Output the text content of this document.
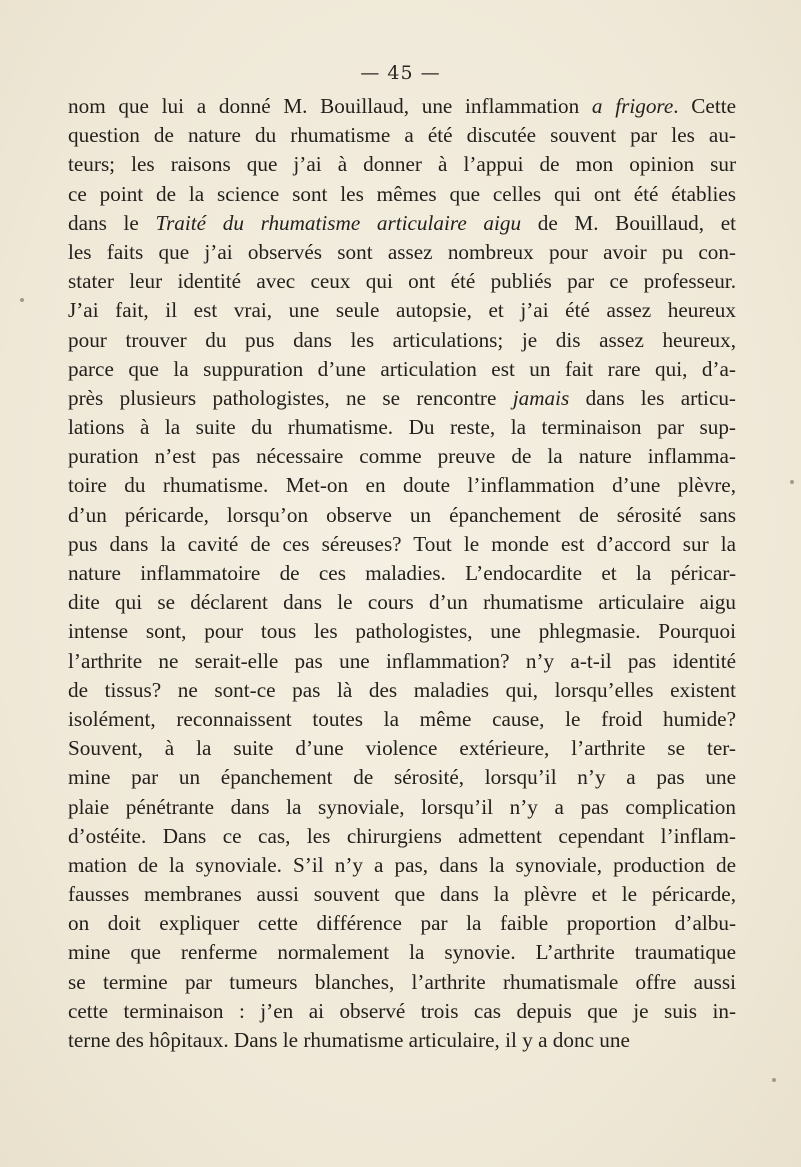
— 45 —
nom que lui a donné M. Bouillaud, une inflammation a frigore. Cette
question de nature du rhumatisme a été discutée souvent par les au-
teurs; les raisons que j’ai à donner à l’appui de mon opinion sur
ce point de la science sont les mêmes que celles qui ont été établies
dans le Traité du rhumatisme articulaire aigu de M. Bouillaud, et
les faits que j’ai observés sont assez nombreux pour avoir pu con-
stater leur identité avec ceux qui ont été publiés par ce professeur.
J’ai fait, il est vrai, une seule autopsie, et j’ai été assez heureux
pour trouver du pus dans les articulations; je dis assez heureux,
parce que la suppuration d’une articulation est un fait rare qui, d’a-
près plusieurs pathologistes, ne se rencontre jamais dans les articu-
lations à la suite du rhumatisme. Du reste, la terminaison par sup-
puration n’est pas nécessaire comme preuve de la nature inflamma-
toire du rhumatisme. Met-on en doute l’inflammation d’une plèvre,
d’un péricarde, lorsqu’on observe un épanchement de sérosité sans
pus dans la cavité de ces séreuses? Tout le monde est d’accord sur la
nature inflammatoire de ces maladies. L’endocardite et la péricar-
dite qui se déclarent dans le cours d’un rhumatisme articulaire aigu
intense sont, pour tous les pathologistes, une phlegmasie. Pourquoi
l’arthrite ne serait-elle pas une inflammation? n’y a-t-il pas identité
de tissus? ne sont-ce pas là des maladies qui, lorsqu’elles existent
isolément, reconnaissent toutes la même cause, le froid humide?
Souvent, à la suite d’une violence extérieure, l’arthrite se ter-
mine par un épanchement de sérosité, lorsqu’il n’y a pas une
plaie pénétrante dans la synoviale, lorsqu’il n’y a pas complication
d’ostéite. Dans ce cas, les chirurgiens admettent cependant l’inflam-
mation de la synoviale. S’il n’y a pas, dans la synoviale, production de
fausses membranes aussi souvent que dans la plèvre et le péricarde,
on doit expliquer cette différence par la faible proportion d’albu-
mine que renferme normalement la synovie. L’arthrite traumatique
se termine par tumeurs blanches, l’arthrite rhumatismale offre aussi
cette terminaison : j’en ai observé trois cas depuis que je suis in-
terne des hôpitaux. Dans le rhumatisme articulaire, il y a donc une
